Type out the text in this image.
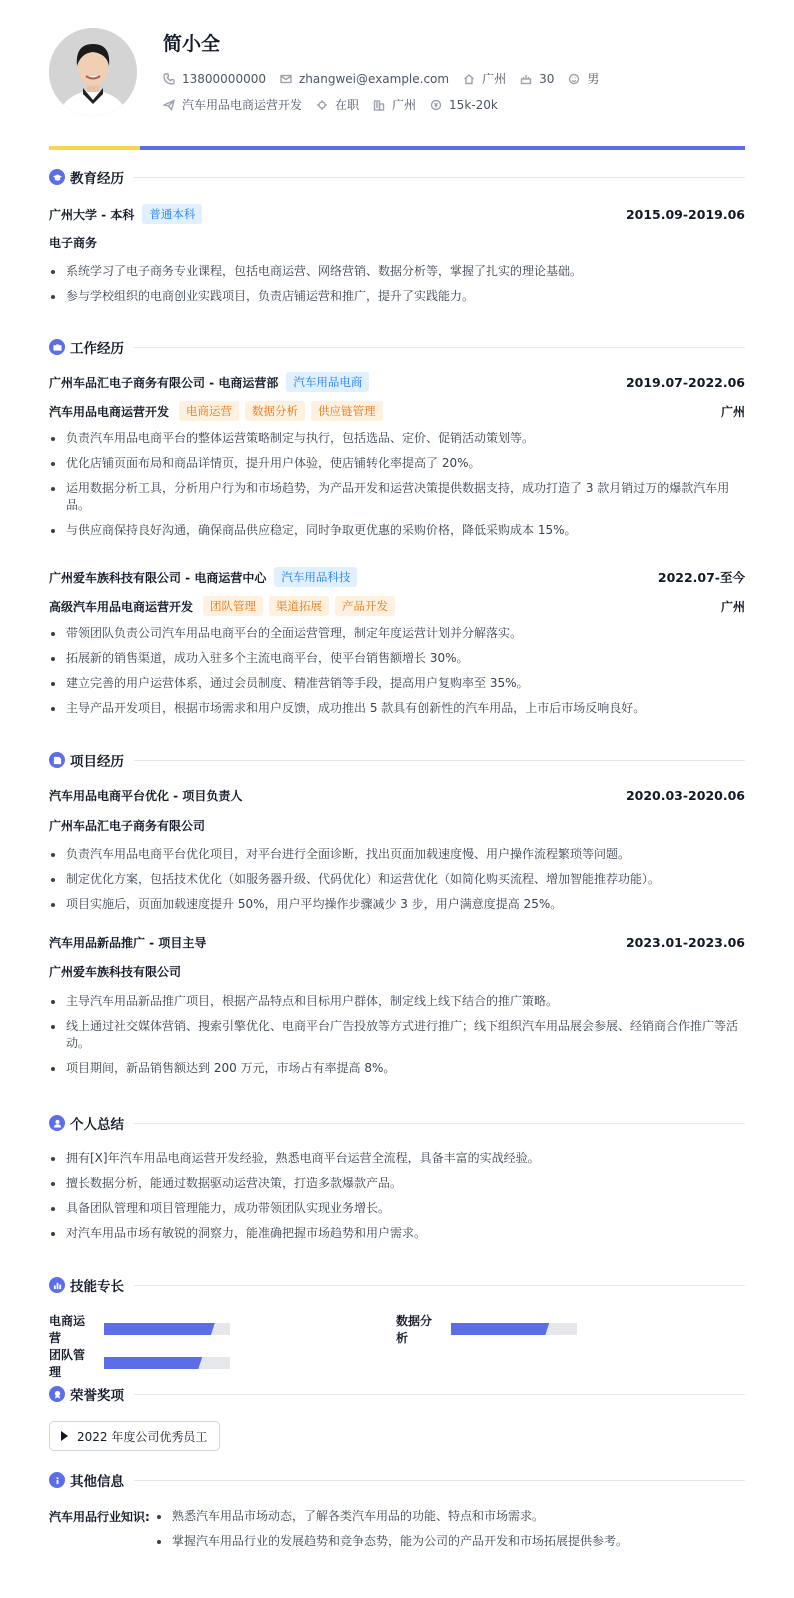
简小全
13800000000	zhangwei@example.com	广州	30	男
汽车用品电商运营开发	在职	广州	15k-20k
教育经历
广州大学 - 本科	普通本科	2015.09-2019.06
电子商务
系统学习了电子商务专业课程，包括电商运营、网络营销、数据分析等，掌握了扎实的理论基础。
参与学校组织的电商创业实践项目，负责店铺运营和推广，提升了实践能力。
工作经历
广州车品汇电子商务有限公司 - 电商运营部	汽车用品电商	2019.07-2022.06
汽车用品电商运营开发	电商运营	数据分析	供应链管理	广州
负责汽车用品电商平台的整体运营策略制定与执行，包括选品、定价、促销活动策划等。
优化店铺页面布局和商品详情页，提升用户体验，使店铺转化率提高了 20%。
运用数据分析工具，分析用户行为和市场趋势，为产品开发和运营决策提供数据支持，成功打造了 3 款月销过万的爆款汽车用品。
与供应商保持良好沟通，确保商品供应稳定，同时争取更优惠的采购价格，降低采购成本 15%。
广州爱车族科技有限公司 - 电商运营中心	汽车用品科技	2022.07-至今
高级汽车用品电商运营开发	团队管理	渠道拓展	产品开发	广州
带领团队负责公司汽车用品电商平台的全面运营管理，制定年度运营计划并分解落实。
拓展新的销售渠道，成功入驻多个主流电商平台，使平台销售额增长 30%。
建立完善的用户运营体系，通过会员制度、精准营销等手段，提高用户复购率至 35%。
主导产品开发项目，根据市场需求和用户反馈，成功推出 5 款具有创新性的汽车用品，上市后市场反响良好。
项目经历
汽车用品电商平台优化 - 项目负责人	2020.03-2020.06
广州车品汇电子商务有限公司
负责汽车用品电商平台优化项目，对平台进行全面诊断，找出页面加载速度慢、用户操作流程繁琐等问题。
制定优化方案，包括技术优化（如服务器升级、代码优化）和运营优化（如简化购买流程、增加智能推荐功能）。
项目实施后，页面加载速度提升 50%，用户平均操作步骤减少 3 步，用户满意度提高 25%。
汽车用品新品推广 - 项目主导	2023.01-2023.06
广州爱车族科技有限公司
主导汽车用品新品推广项目，根据产品特点和目标用户群体，制定线上线下结合的推广策略。
线上通过社交媒体营销、搜索引擎优化、电商平台广告投放等方式进行推广；线下组织汽车用品展会参展、经销商合作推广等活动。
项目期间，新品销售额达到 200 万元，市场占有率提高 8%。
个人总结
拥有[X]年汽车用品电商运营开发经验，熟悉电商平台运营全流程，具备丰富的实战经验。
擅长数据分析，能通过数据驱动运营决策，打造多款爆款产品。
具备团队管理和项目管理能力，成功带领团队实现业务增长。
对汽车用品市场有敏锐的洞察力，能准确把握市场趋势和用户需求。
技能专长
电商运营
数据分析
团队管理
荣誉奖项
2022 年度公司优秀员工
其他信息
汽车用品行业知识:	熟悉汽车用品市场动态，了解各类汽车用品的功能、特点和市场需求。
掌握汽车用品行业的发展趋势和竞争态势，能为公司的产品开发和市场拓展提供参考。
